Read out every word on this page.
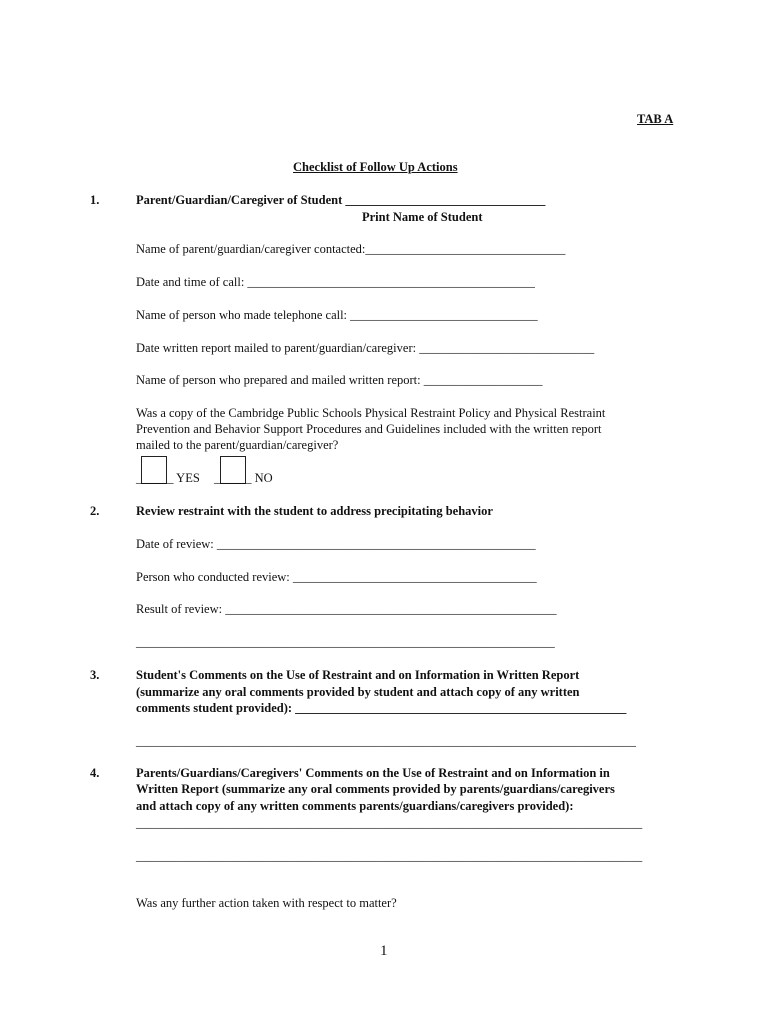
TAB A
Checklist of Follow Up Actions
1.	Parent/Guardian/Caregiver of Student ________________________________
Print Name of Student
Name of parent/guardian/caregiver contacted:________________________________
Date and time of call: ______________________________________________
Name of person who made telephone call: ______________________________
Date written report mailed to parent/guardian/caregiver: ____________________________
Name of person who prepared and mailed written report: ___________________
Was a copy of the Cambridge Public Schools Physical Restraint Policy and Physical Restraint
Prevention and Behavior Support Procedures and Guidelines included with the written report
mailed to the parent/guardian/caregiver?
______ YES ______ NO
2.	Review restraint with the student to address precipitating behavior
Date of review: ___________________________________________________
Person who conducted review: _______________________________________
Result of review: _____________________________________________________
___________________________________________________________________
3.	Student's Comments on the Use of Restraint and on Information in Written Report
(summarize any oral comments provided by student and attach copy of any written
comments student provided): _____________________________________________________
________________________________________________________________________________
4.	Parents/Guardians/Caregivers' Comments on the Use of Restraint and on Information in
Written Report (summarize any oral comments provided by parents/guardians/caregivers
and attach copy of any written comments parents/guardians/caregivers provided):
_________________________________________________________________________________
_________________________________________________________________________________
Was any further action taken with respect to matter?
1
